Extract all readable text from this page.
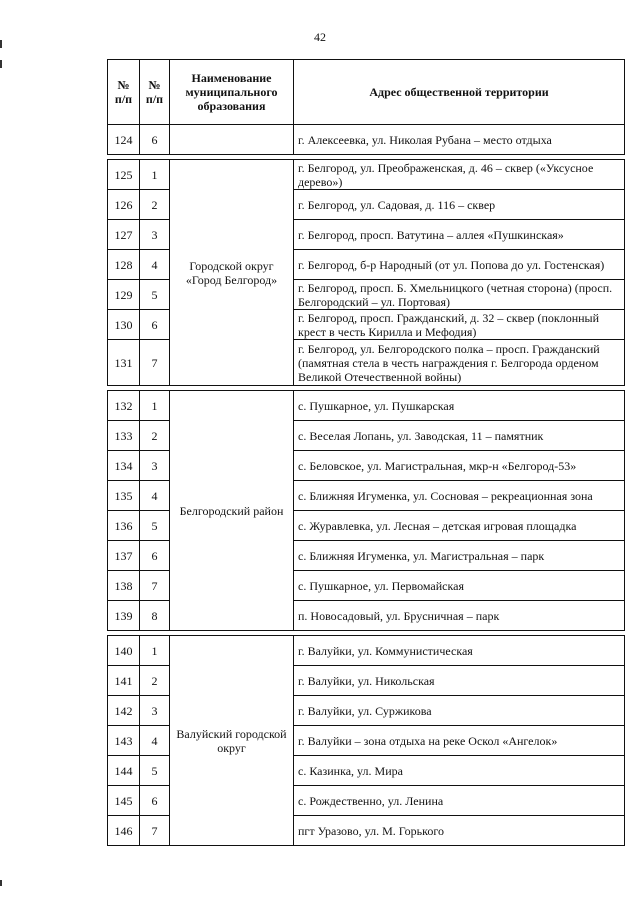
42
№ п/п	№ п/п	Наименование муниципального образования	Адрес общественной территории
124	6		г. Алексеевка, ул. Николая Рубана – место отдыха

125	1	Городской округ «Город Белгород»	г. Белгород, ул. Преображенская, д. 46 – сквер («Уксусное дерево»)
126	2		г. Белгород, ул. Садовая, д. 116 – сквер
127	3		г. Белгород, просп. Ватутина – аллея «Пушкинская»
128	4		г. Белгород, б-р Народный (от ул. Попова до ул. Гостенская)
129	5		г. Белгород, просп. Б. Хмельницкого (четная сторона) (просп. Белгородский – ул. Портовая)
130	6		г. Белгород, просп. Гражданский, д. 32 – сквер (поклонный крест в честь Кирилла и Мефодия)
131	7		г. Белгород, ул. Белгородского полка – просп. Гражданский (памятная стела в честь награждения г. Белгорода орденом Великой Отечественной войны)

132	1	Белгородский район	с. Пушкарное, ул. Пушкарская
133	2		с. Веселая Лопань, ул. Заводская, 11 – памятник
134	3		с. Беловское, ул. Магистральная, мкр-н «Белгород-53»
135	4		с. Ближняя Игуменка, ул. Сосновая – рекреационная зона
136	5		с. Журавлевка, ул. Лесная – детская игровая площадка
137	6		с. Ближняя Игуменка, ул. Магистральная – парк
138	7		с. Пушкарное, ул. Первомайская
139	8		п. Новосадовый, ул. Брусничная – парк

140	1	Валуйский городской округ	г. Валуйки, ул. Коммунистическая
141	2		г. Валуйки, ул. Никольская
142	3		г. Валуйки, ул. Суржикова
143	4		г. Валуйки – зона отдыха на реке Оскол «Ангелок»
144	5		с. Казинка, ул. Мира
145	6		с. Рождественно, ул. Ленина
146	7		пгт Уразово, ул. М. Горького
